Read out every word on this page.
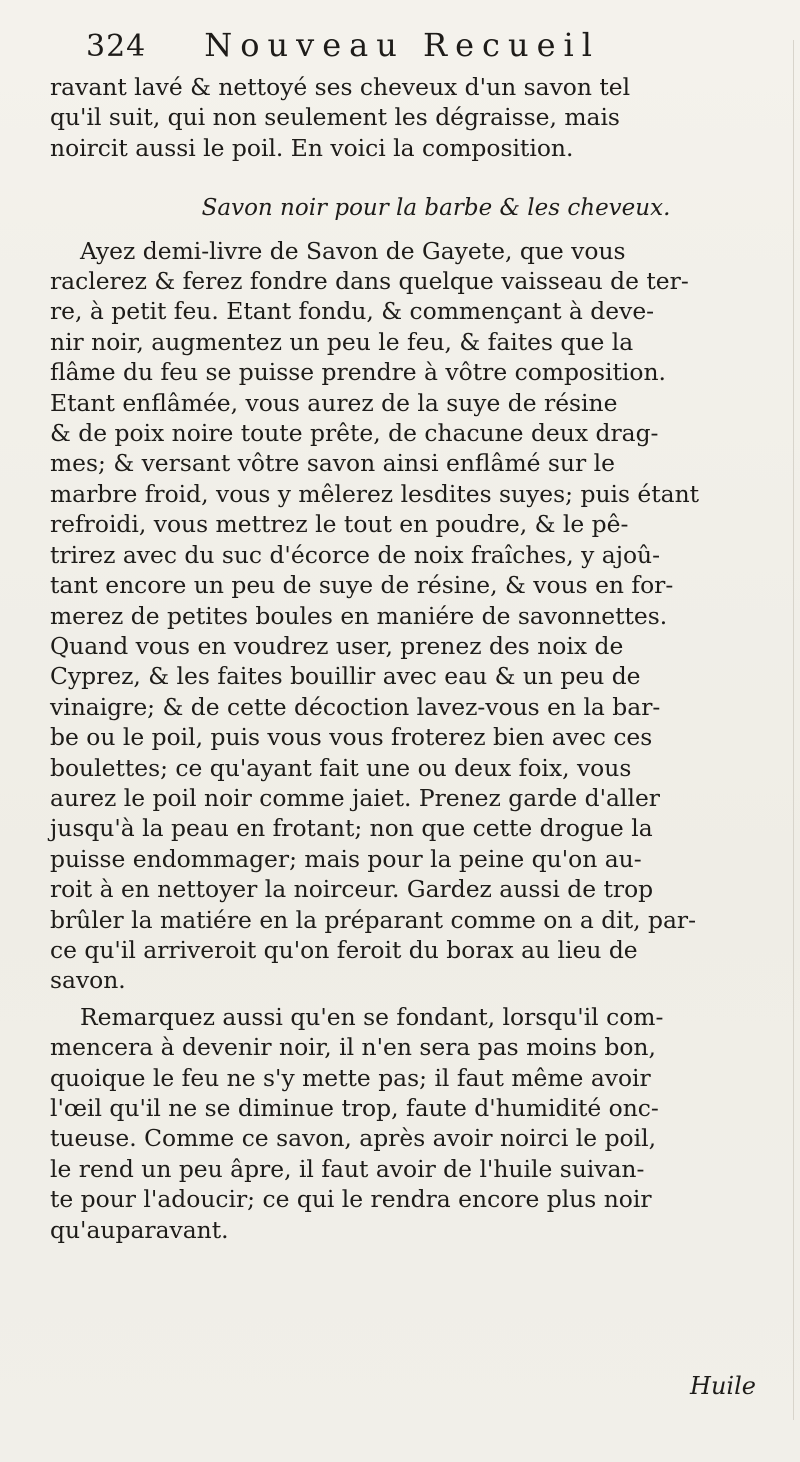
324 Nouveau Recueil
ravant lavé & nettoyé ses cheveux d'un savon tel
qu'il suit, qui non seulement les dégraisse, mais
noircit aussi le poil. En voici la composition.
Savon noir pour la barbe & les cheveux.
Ayez demi-livre de Savon de Gayete, que vous
raclerez & ferez fondre dans quelque vaisseau de ter-
re, à petit feu. Etant fondu, & commençant à deve-
nir noir, augmentez un peu le feu, & faites que la
flâme du feu se puisse prendre à vôtre composition.
Etant enflâmée, vous aurez de la suye de résine
& de poix noire toute prête, de chacune deux drag-
mes; & versant vôtre savon ainsi enflâmé sur le
marbre froid, vous y mêlerez lesdites suyes; puis étant
refroidi, vous mettrez le tout en poudre, & le pê-
trirez avec du suc d'écorce de noix fraîches, y ajoû-
tant encore un peu de suye de résine, & vous en for-
merez de petites boules en maniére de savonnettes.
Quand vous en voudrez user, prenez des noix de
Cyprez, & les faites bouillir avec eau & un peu de
vinaigre; & de cette décoction lavez-vous en la bar-
be ou le poil, puis vous vous froterez bien avec ces
boulettes; ce qu'ayant fait une ou deux foix, vous
aurez le poil noir comme jaiet. Prenez garde d'aller
jusqu'à la peau en frotant; non que cette drogue la
puisse endommager; mais pour la peine qu'on au-
roit à en nettoyer la noirceur. Gardez aussi de trop
brûler la matiére en la préparant comme on a dit, par-
ce qu'il arriveroit qu'on feroit du borax au lieu de
savon.
Remarquez aussi qu'en se fondant, lorsqu'il com-
mencera à devenir noir, il n'en sera pas moins bon,
quoique le feu ne s'y mette pas; il faut même avoir
l'œil qu'il ne se diminue trop, faute d'humidité onc-
tueuse. Comme ce savon, après avoir noirci le poil,
le rend un peu âpre, il faut avoir de l'huile suivan-
te pour l'adoucir; ce qui le rendra encore plus noir
qu'auparavant.
Huile
